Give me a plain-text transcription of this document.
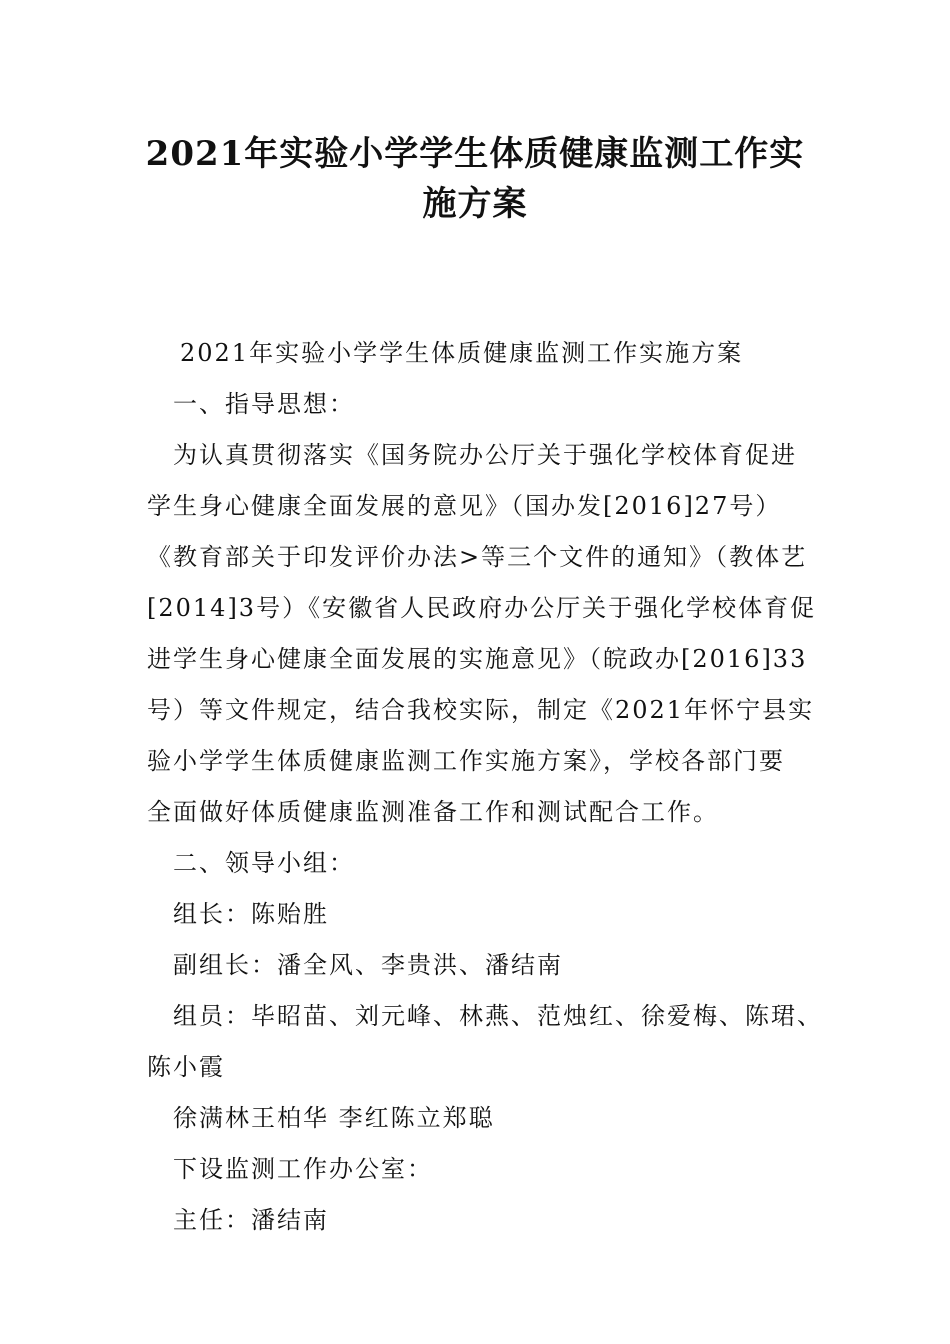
2021年实验小学学生体质健康监测工作实
施方案
2021年实验小学学生体质健康监测工作实施方案
一、指导思想：
为认真贯彻落实《国务院办公厅关于强化学校体育促进
学生身心健康全面发展的意见》（国办发[2016]27号）
《教育部关于印发评价办法>等三个文件的通知》（教体艺
[2014]3号）《安徽省人民政府办公厅关于强化学校体育促
进学生身心健康全面发展的实施意见》（皖政办[2016]33
号）等文件规定，结合我校实际，制定《2021年怀宁县实
验小学学生体质健康监测工作实施方案》，学校各部门要
全面做好体质健康监测准备工作和测试配合工作。
二、领导小组：
组长：陈贻胜
副组长：潘全风、李贵洪、潘结南
组员：毕昭苗、刘元峰、林燕、范烛红、徐爱梅、陈珺、
陈小霞
徐满林王柏华 李红陈立郑聪
下设监测工作办公室：
主任：潘结南
